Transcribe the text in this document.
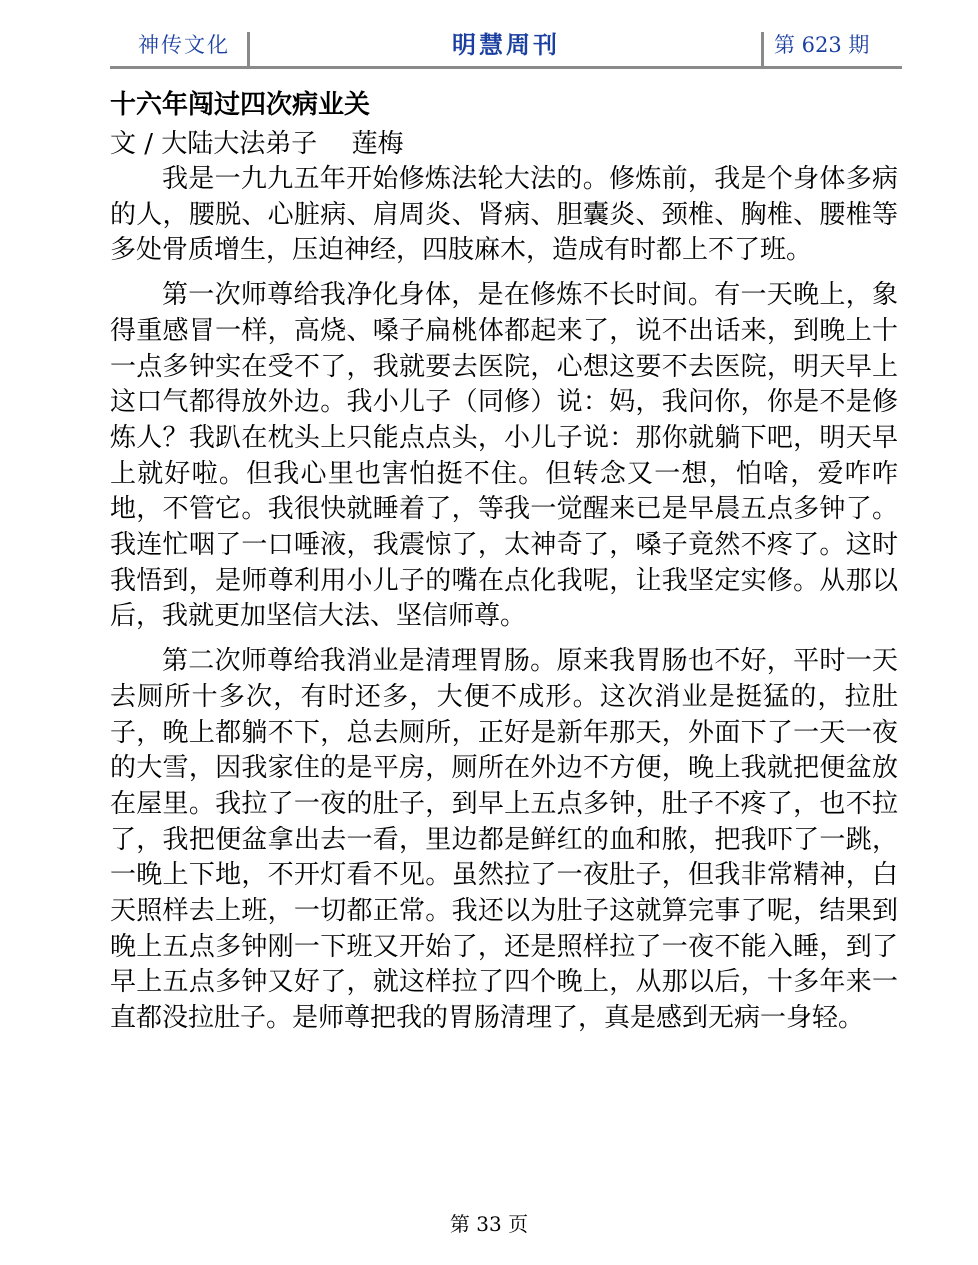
神传文化	明慧周刊	第 623 期
十六年闯过四次病业关
文 / 大陆大法弟子　 莲梅

我是一九九五年开始修炼法轮大法的。修炼前，我是个身体多病的人，腰脱、心脏病、肩周炎、肾病、胆囊炎、颈椎、胸椎、腰椎等多处骨质增生，压迫神经，四肢麻木，造成有时都上不了班。

第一次师尊给我净化身体，是在修炼不长时间。有一天晚上，象得重感冒一样，高烧、嗓子扁桃体都起来了，说不出话来，到晚上十一点多钟实在受不了，我就要去医院，心想这要不去医院，明天早上这口气都得放外边。我小儿子（同修）说：妈，我问你，你是不是修炼人？我趴在枕头上只能点点头，小儿子说：那你就躺下吧，明天早上就好啦。但我心里也害怕挺不住。但转念又一想，怕啥，爱咋咋地，不管它。我很快就睡着了，等我一觉醒来已是早晨五点多钟了。我连忙咽了一口唾液，我震惊了，太神奇了，嗓子竟然不疼了。这时我悟到，是师尊利用小儿子的嘴在点化我呢，让我坚定实修。从那以后，我就更加坚信大法、坚信师尊。

第二次师尊给我消业是清理胃肠。原来我胃肠也不好，平时一天去厕所十多次，有时还多，大便不成形。这次消业是挺猛的，拉肚子，晚上都躺不下，总去厕所，正好是新年那天，外面下了一天一夜的大雪，因我家住的是平房，厕所在外边不方便，晚上我就把便盆放在屋里。我拉了一夜的肚子，到早上五点多钟，肚子不疼了，也不拉了，我把便盆拿出去一看，里边都是鲜红的血和脓，把我吓了一跳，一晚上下地，不开灯看不见。虽然拉了一夜肚子，但我非常精神，白天照样去上班，一切都正常。我还以为肚子这就算完事了呢，结果到晚上五点多钟刚一下班又开始了，还是照样拉了一夜不能入睡，到了早上五点多钟又好了，就这样拉了四个晚上，从那以后，十多年来一直都没拉肚子。是师尊把我的胃肠清理了，真是感到无病一身轻。

第 33 页
